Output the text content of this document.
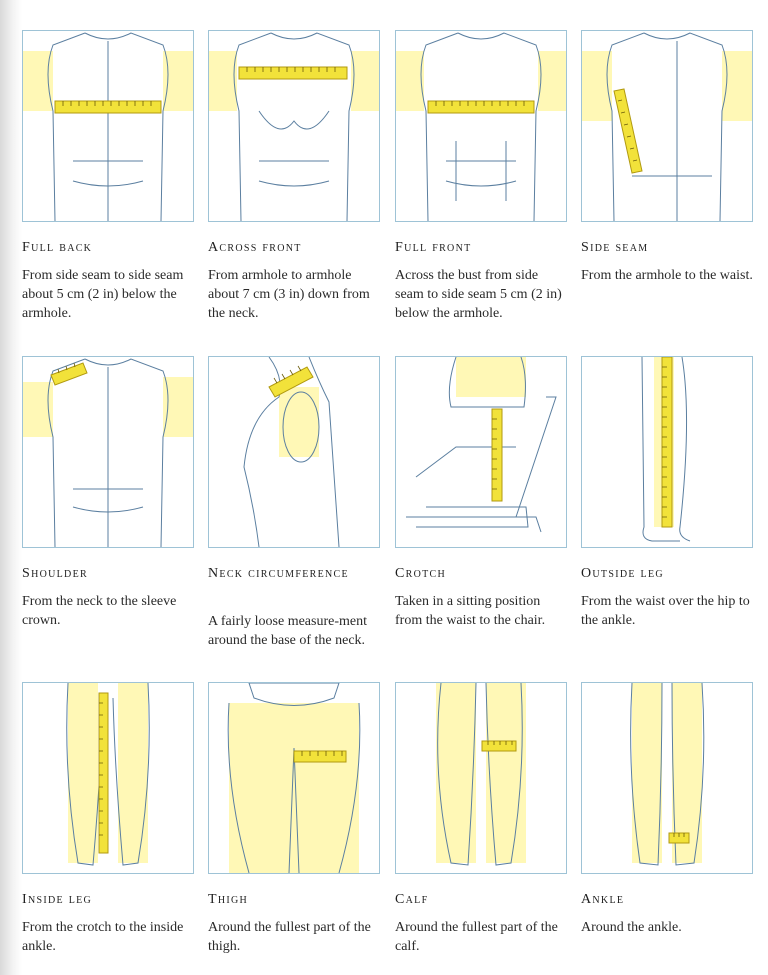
Full back
From side seam to side seam about 5 cm (2 in) below the armhole.
Across front
From armhole to armhole about 7 cm (3 in) down from the neck.
Full front
Across the bust from side seam to side seam 5 cm (2 in) below the armhole.
Side seam
From the armhole to the waist.
Shoulder
From the neck to the sleeve crown.
Neck circumference
A fairly loose measure-ment around the base of the neck.
Crotch
Taken in a sitting position from the waist to the chair.
Outside leg
From the waist over the hip to the ankle.
Inside leg
From the crotch to the inside ankle.
Thigh
Around the fullest part of the thigh.
Calf
Around the fullest part of the calf.
Ankle
Around the ankle.
